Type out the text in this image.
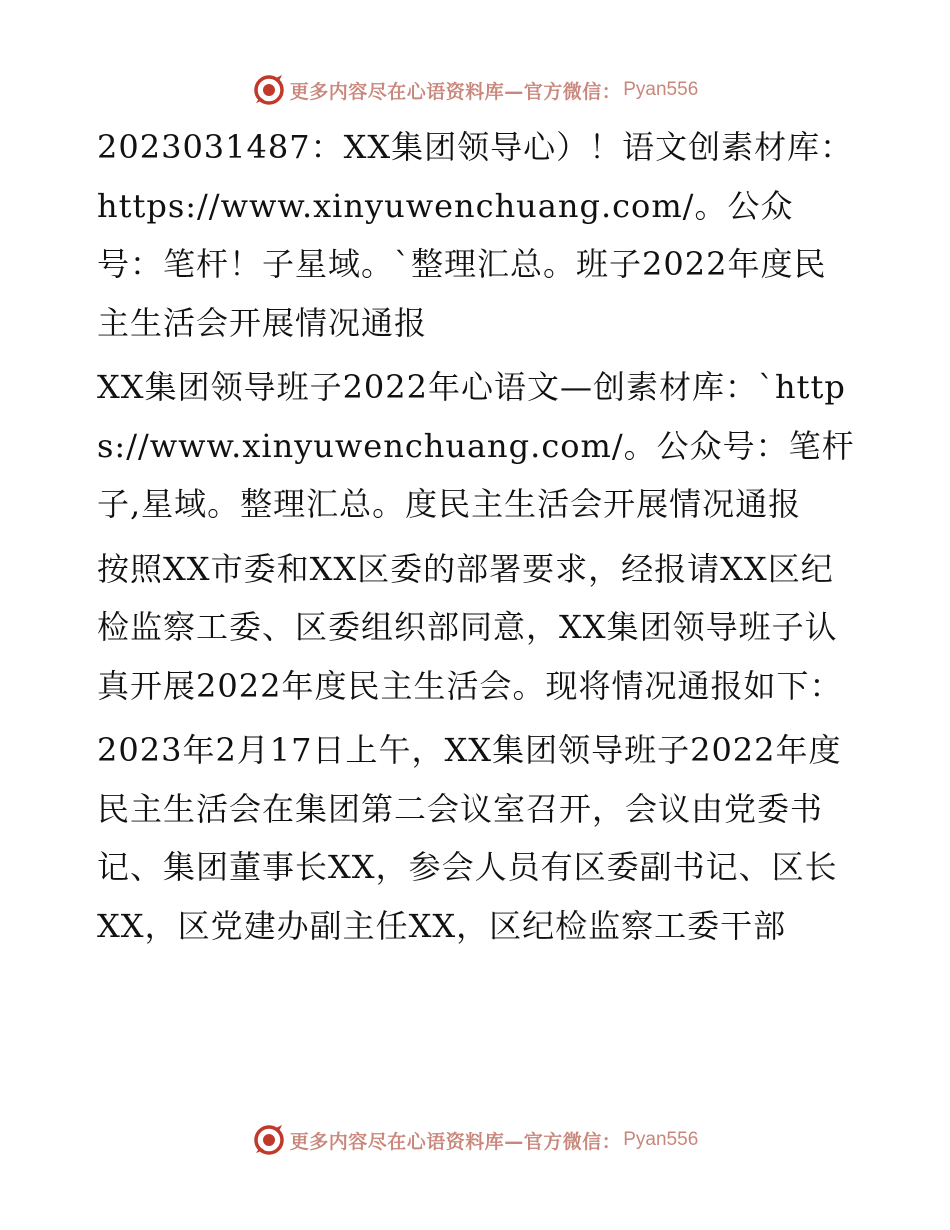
更多内容尽在心语资料库—官方微信： Pyan556

2023031487：XX集团领导心）！语文创素材库：https://www.xinyuwenchuang.com/。公众号：笔杆！子星域。`整理汇总。班子2022年度民主生活会开展情况通报

XX集团领导班子2022年心语文—创素材库：`https://www.xinyuwenchuang.com/。公众号：笔杆子,星域。整理汇总。度民主生活会开展情况通报

按照XX市委和XX区委的部署要求，经报请XX区纪检监察工委、区委组织部同意，XX集团领导班子认真开展2022年度民主生活会。现将情况通报如下：

2023年2月17日上午，XX集团领导班子2022年度民主生活会在集团第二会议室召开，会议由党委书记、集团董事长XX，参会人员有区委副书记、区长XX，区党建办副主任XX，区纪检监察工委干部

更多内容尽在心语资料库—官方微信： Pyan556
